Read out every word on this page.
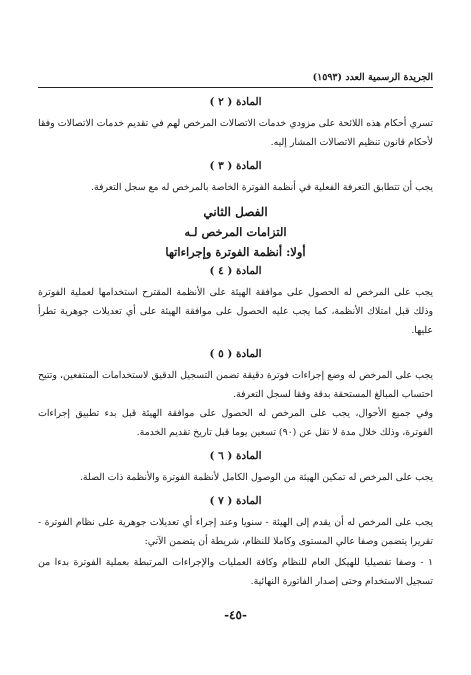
الجريدة الرسمية العدد (١٥٩٣)
المادة ( ٢ )

تسري أحكام هذه اللائحة على مزودي خدمات الاتصالات المرخص لهم في تقديم خدمات الاتصالات وفقا لأحكام قانون تنظيم الاتصالات المشار إليه.

المادة ( ٣ )

يجب أن تتطابق التعرفة الفعلية في أنظمة الفوترة الخاصة بالمرخص له مع سجل التعرفة.

الفصل الثاني
التزامات المرخص لـه
أولا: أنظمة الفوترة وإجراءاتها
المادة ( ٤ )

يجب على المرخص له الحصول على موافقة الهيئة على الأنظمة المقترح استخدامها لعملية الفوترة وذلك قبل امتلاك الأنظمة، كما يجب عليه الحصول على موافقة الهيئة على أي تعديلات جوهرية تطرأ عليها.

المادة ( ٥ )

يجب على المرخص له وضع إجراءات فوترة دقيقة تضمن التسجيل الدقيق لاستخدامات المنتفعين، وتتيح احتساب المبالغ المستحقة بدقة وفقا لسجل التعرفة.

وفي جميع الأحوال، يجب على المرخص له الحصول على موافقة الهيئة قبل بدء تطبيق إجراءات الفوترة، وذلك خلال مدة لا تقل عن (٩٠) تسعين يوما قبل تاريخ تقديم الخدمة.

المادة ( ٦ )

يجب على المرخص له تمكين الهيئة من الوصول الكامل لأنظمة الفوترة والأنظمة ذات الصلة.

المادة ( ٧ )

يجب على المرخص له أن يقدم إلى الهيئة - سنويا وعند إجراء أي تعديلات جوهرية على نظام الفوترة - تقريرا يتضمن وصفا عالي المستوى وكاملا للنظام، شريطة أن يتضمن الآتي:

١ - وصفا تفصيليا للهيكل العام للنظام وكافة العمليات والإجراءات المرتبطة بعملية الفوترة بدءا من تسجيل الاستخدام وحتى إصدار الفاتورة النهائية.

-٤٥-
